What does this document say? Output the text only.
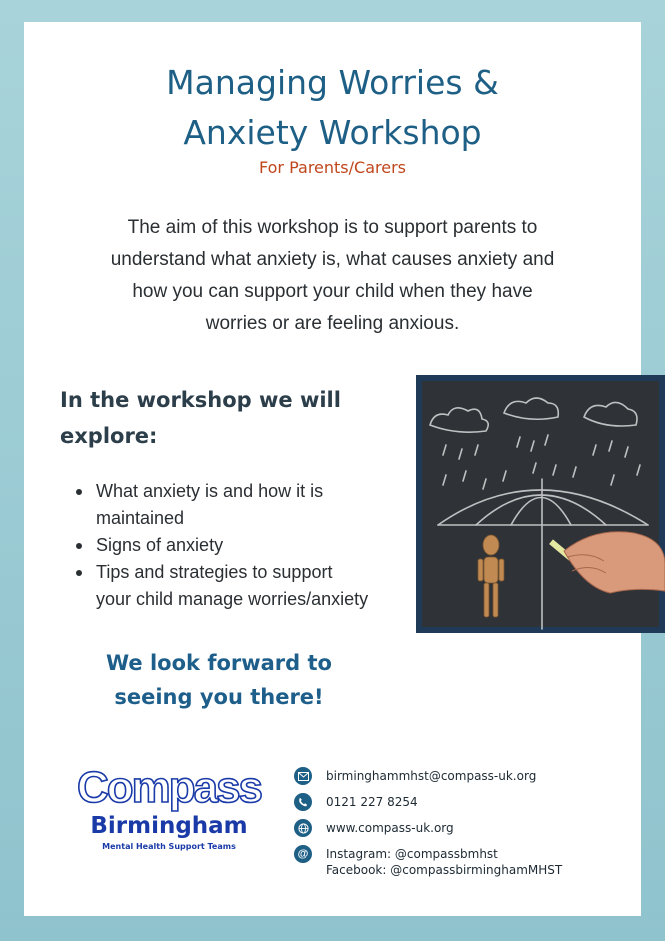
Managing Worries &
Anxiety Workshop
For Parents/Carers

The aim of this workshop is to support parents to
understand what anxiety is, what causes anxiety and
how you can support your child when they have
worries or are feeling anxious.

In the workshop we will
explore:
What anxiety is and how it is
maintained
Signs of anxiety
Tips and strategies to support
your child manage worries/anxiety

We look forward to
seeing you there!

Compass
Birmingham
Mental Health Support Teams
birminghammhst@compass-uk.org
0121 227 8254
www.compass-uk.org
@	Instagram: @compassbmhst
Facebook: @compassbirminghamMHST
